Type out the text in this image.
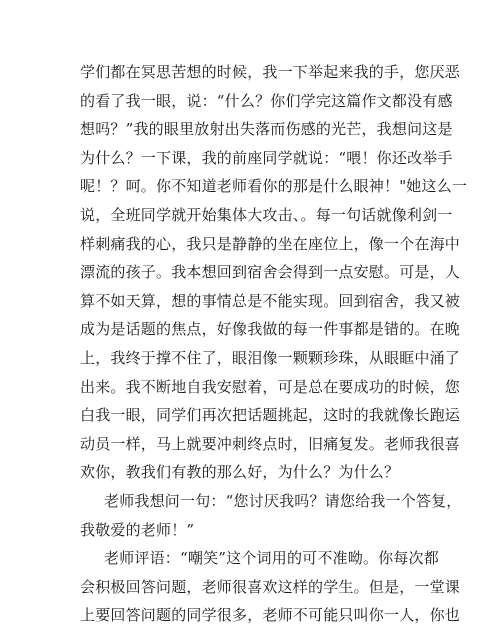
学们都在冥思苦想的时候，我一下举起来我的手，您厌恶
的看了我一眼，说：“什么？你们学完这篇作文都没有感
想吗？”我的眼里放射出失落而伤感的光芒，我想问这是
为什么？一下课，我的前座同学就说：“喂！你还改举手
呢！？呵。你不知道老师看你的那是什么眼神！"她这么一
说，全班同学就开始集体大攻击、。每一句话就像利剑一
样刺痛我的心，我只是静静的坐在座位上，像一个在海中
漂流的孩子。我本想回到宿舍会得到一点安慰。可是，人
算不如天算，想的事情总是不能实现。回到宿舍，我又被
成为是话题的焦点，好像我做的每一件事都是错的。在晚
上，我终于撑不住了，眼泪像一颗颗珍珠，从眼眶中涌了
出来。我不断地自我安慰着，可是总在要成功的时候，您
白我一眼，同学们再次把话题挑起，这时的我就像长跑运
动员一样，马上就要冲刺终点时，旧痛复发。老师我很喜
欢你，教我们有教的那么好，为什么？为什么？
老师我想问一句：“您讨厌我吗？请您给我一个答复，
我敬爱的老师！”
老师评语：“嘲笑”这个词用的可不准呦。你每次都
会积极回答问题，老师很喜欢这样的学生。但是，一堂课
上要回答问题的同学很多，老师不可能只叫你一人，你也
